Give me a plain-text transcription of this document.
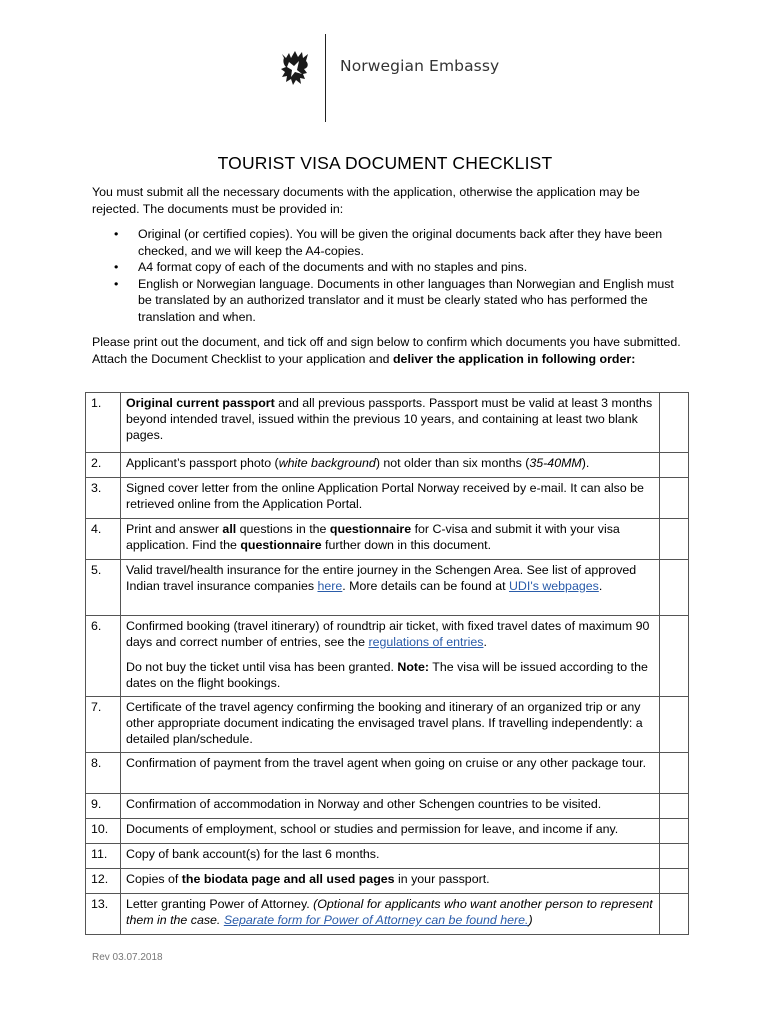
Norwegian Embassy
TOURIST VISA DOCUMENT CHECKLIST
You must submit all the necessary documents with the application, otherwise the application may be rejected. The documents must be provided in:
• Original (or certified copies). You will be given the original documents back after they have been checked, and we will keep the A4-copies.
• A4 format copy of each of the documents and with no staples and pins.
• English or Norwegian language. Documents in other languages than Norwegian and English must be translated by an authorized translator and it must be clearly stated who has performed the translation and when.
Please print out the document, and tick off and sign below to confirm which documents you have submitted. Attach the Document Checklist to your application and deliver the application in following order:
1.	Original current passport and all previous passports. Passport must be valid at least 3 months beyond intended travel, issued within the previous 10 years, and containing at least two blank pages.	
2.	Applicant’s passport photo (white background) not older than six months (35-40MM).	
3.	Signed cover letter from the online Application Portal Norway received by e-mail. It can also be retrieved online from the Application Portal.	
4.	Print and answer all questions in the questionnaire for C-visa and submit it with your visa application. Find the questionnaire further down in this document.	
5.	Valid travel/health insurance for the entire journey in the Schengen Area. See list of approved Indian travel insurance companies here. More details can be found at UDI's webpages.	
6.	Confirmed booking (travel itinerary) of roundtrip air ticket, with fixed travel dates of maximum 90 days and correct number of entries, see the regulations of entries.

Do not buy the ticket until visa has been granted. Note: The visa will be issued according to the dates on the flight bookings.	

7.	Certificate of the travel agency confirming the booking and itinerary of an organized trip or any other appropriate document indicating the envisaged travel plans. If travelling independently: a detailed plan/schedule.	
8.	Confirmation of payment from the travel agent when going on cruise or any other package tour.	
9.	Confirmation of accommodation in Norway and other Schengen countries to be visited.	
10.	Documents of employment, school or studies and permission for leave, and income if any.	
11.	Copy of bank account(s) for the last 6 months.	
12.	Copies of the biodata page and all used pages in your passport.	
13.	Letter granting Power of Attorney. (Optional for applicants who want another person to represent them in the case. Separate form for Power of Attorney can be found here.)	
Rev 03.07.2018
